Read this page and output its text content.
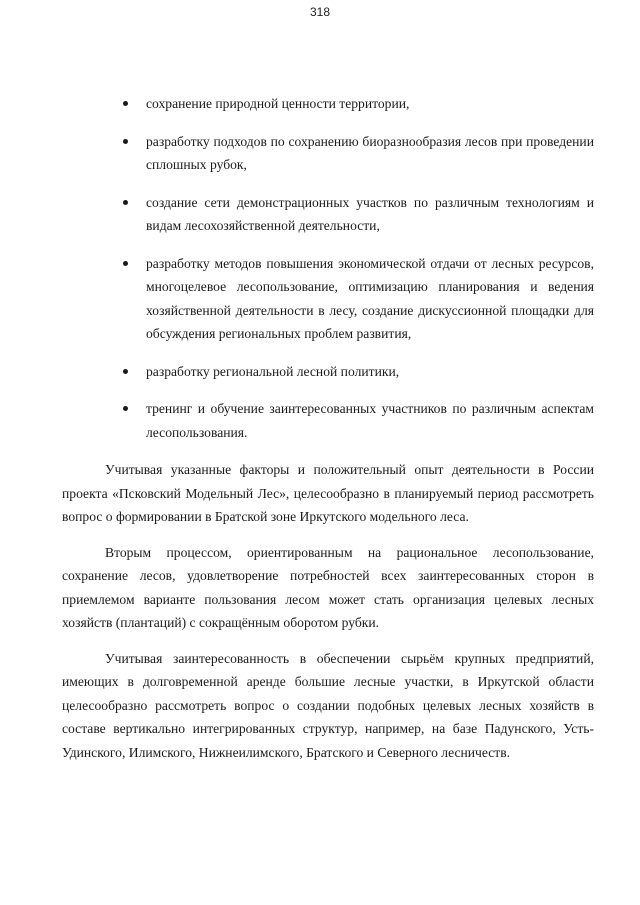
318
сохранение природной ценности территории,
разработку подходов по сохранению биоразнообразия лесов при проведении сплошных рубок,
создание сети демонстрационных участков по различным технологиям и видам лесохозяйственной деятельности,
разработку методов повышения экономической отдачи от лесных ресурсов, многоцелевое лесопользование, оптимизацию планирования и ведения хозяйственной деятельности в лесу, создание дискуссионной площадки для обсуждения региональных проблем развития,
разработку региональной лесной политики,
тренинг и обучение заинтересованных участников по различным аспектам лесопользования.

Учитывая указанные факторы и положительный опыт деятельности в России проекта «Псковский Модельный Лес», целесообразно в планируемый период рассмотреть вопрос о формировании в Братской зоне Иркутского модельного леса.

Вторым процессом, ориентированным на рациональное лесопользование, сохранение лесов, удовлетворение потребностей всех заинтересованных сторон в приемлемом варианте пользования лесом может стать организация целевых лесных хозяйств (плантаций) с сокращённым оборотом рубки.

Учитывая заинтересованность в обеспечении сырьём крупных предприятий, имеющих в долговременной аренде большие лесные участки, в Иркутской области целесообразно рассмотреть вопрос о создании подобных целевых лесных хозяйств в составе вертикально интегрированных структур, например, на базе Падунского, Усть-Удинского, Илимского, Нижнеилимского, Братского и Северного лесничеств.
